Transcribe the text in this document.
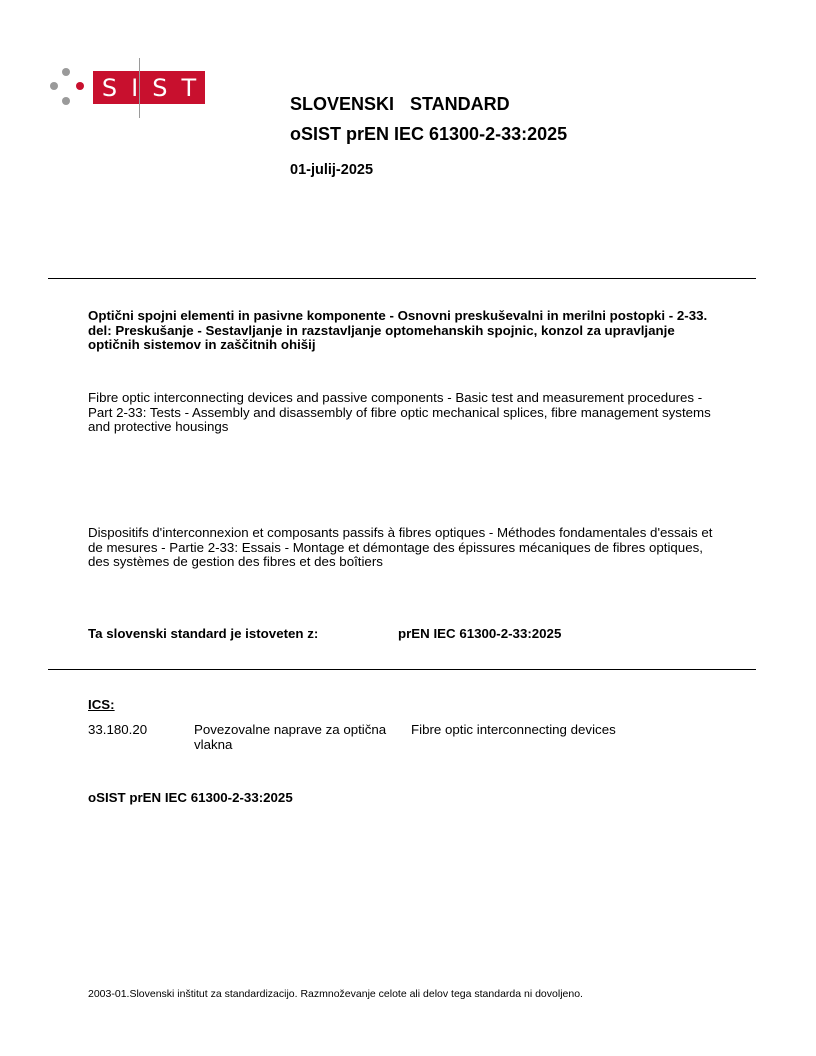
S I S T
SLOVENSKI  STANDARD
oSIST prEN IEC 61300-2-33:2025
01-julij-2025
Optični spojni elementi in pasivne komponente - Osnovni preskuševalni in merilni postopki - 2-33. del: Preskušanje - Sestavljanje in razstavljanje optomehanskih spojnic, konzol za upravljanje optičnih sistemov in zaščitnih ohišij
Fibre optic interconnecting devices and passive components - Basic test and measurement procedures - Part 2-33: Tests - Assembly and disassembly of fibre optic mechanical splices, fibre management systems and protective housings
Dispositifs d'interconnexion et composants passifs à fibres optiques - Méthodes fondamentales d'essais et de mesures - Partie 2-33: Essais - Montage et démontage des épissures mécaniques de fibres optiques, des systèmes de gestion des fibres et des boîtiers
Ta slovenski standard je istoveten z:	prEN IEC 61300-2-33:2025
ICS:
33.180.20	Povezovalne naprave za optična vlakna
Fibre optic interconnecting devices
oSIST prEN IEC 61300-2-33:2025
2003-01.Slovenski inštitut za standardizacijo. Razmnoževanje celote ali delov tega standarda ni dovoljeno.
